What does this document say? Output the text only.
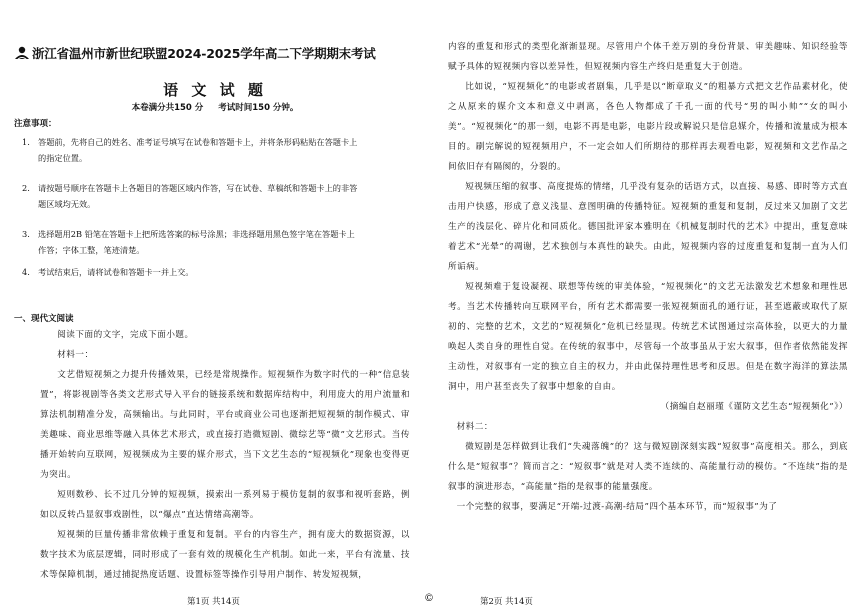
浙江省温州市新世纪联盟2024-2025学年高二下学期期末考试
语 文 试 题
本卷满分共150 分 考试时间150 分钟。
注意事项：
1. 答题前，先将自己的姓名、准考证号填写在试卷和答题卡上，并将条形码粘贴在答题卡上
的指定位置。
2. 请按题号顺序在答题卡上各题目的答题区域内作答，写在试卷、草稿纸和答题卡上的非答
题区域均无效。
3. 选择题用2B 铅笔在答题卡上把所选答案的标号涂黑；非选择题用黑色签字笔在答题卡上
作答；字体工整，笔迹清楚。
4. 考试结束后，请将试卷和答题卡一并上交。
一、现代文阅读

阅读下面的文字，完成下面小题。

材料一：

文艺借短视频之力提升传播效果，已经是常规操作。短视频作为数字时代的一种“信息装置”，将影视剧等各类文艺形式导入平台的链接系统和数据库结构中，利用庞大的用户流量和算法机制精准分发，高频输出。与此同时，平台或商业公司也逐渐把短视频的制作模式、审美趣味、商业思维等融入具体艺术形式，或直接打造微短剧、微综艺等“微”文艺形式。当传播开始转向互联网，短视频成为主要的媒介形式，当下文艺生态的“短视频化”现象也变得更为突出。

短则数秒、长不过几分钟的短视频，摸索出一系列易于模仿复制的叙事和视听套路，例如以反转凸显叙事戏剧性，以“爆点”直达情绪高潮等。

短视频的巨量传播非常依赖于重复和复制。平台的内容生产，拥有庞大的数据资源，以数字技术为底层逻辑，同时形成了一套有效的规模化生产机制。如此一来，平台有流量、技术等保障机制，通过捕捉热度话题、设置标签等操作引导用户制作、转发短视频，

第1页 共14页	©

内容的重复和形式的类型化渐渐显现。尽管用户个体千差万别的身份背景、审美趣味、知识经验等赋予具体的短视频内容以差异性，但短视频内容生产终归是重复大于创造。

比如说，“短视频化”的电影或者剧集，几乎是以“断章取义”的粗暴方式把文艺作品素材化，使之从原来的媒介文本和意义中剥离，各色人物都成了千孔一面的代号“男的叫小帅”“女的叫小美”。“短视频化”的那一刻，电影不再是电影，电影片段或解说只是信息媒介，传播和流量成为根本目的。刷完解说的短视频用户，不一定会如人们所期待的那样再去观看电影，短视频和文艺作品之间依旧存有隔阂的，分裂的。

短视频压缩的叙事、高度提炼的情绪，几乎没有复杂的话语方式，以直接、易感、即时等方式直击用户快感，形成了意义浅显、意图明确的传播特征。短视频的重复和复制，反过来又加剧了文艺生产的浅层化、碎片化和同质化。德国批评家本雅明在《机械复制时代的艺术》中提出，重复意味着艺术“光晕”的凋谢，艺术独创与本真性的缺失。由此，短视频内容的过度重复和复制一直为人们所诟病。

短视频难于复设凝视、联想等传统的审美体验，“短视频化”的文艺无法激发艺术想象和理性思考。当艺术传播转向互联网平台，所有艺术都需要一张短视频面孔的通行证，甚至遮蔽或取代了原初的、完整的艺术，文艺的“短视频化”危机已经显现。传统艺术试图通过宗高体验，以更大的力量唤起人类自身的理性自觉。在传统的叙事中，尽管每一个故事虽从于宏大叙事，但作者依然能发挥主动性，对叙事有一定的独立自主的权力，并由此保持理性思考和反思。但是在数字海洋的算法黑洞中，用户甚至丧失了叙事中想象的自由。

（摘编自赵丽瑾《谨防文艺生态“短视频化”》）

材料二：

微短剧是怎样做到让我们“失魂落魄”的？这与微短剧深刻实践“短叙事”高度相关。那么，到底什么是“短叙事”？简而言之：“短叙事”就是对人类不连续的、高能量行动的模仿。“不连续”指的是叙事的演进形态，“高能量”指的是叙事的能量强度。

一个完整的叙事，要满足“开端-过渡-高潮-结局”四个基本环节，而“短叙事”为了

第2页 共14页
